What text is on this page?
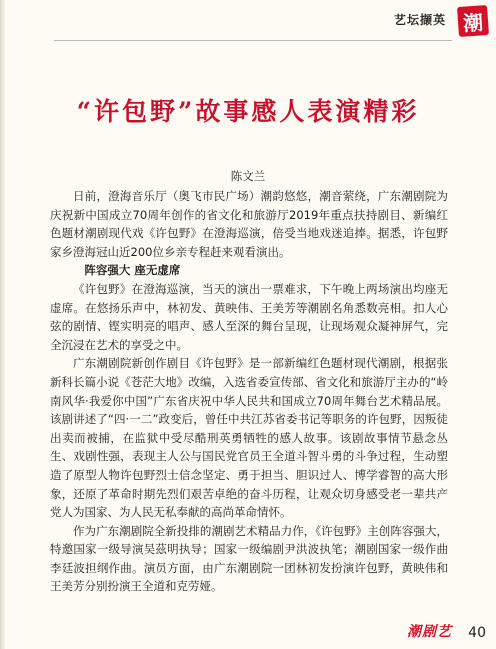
艺坛撷英 潮
“许包野”故事感人表演精彩
陈文兰

日前，澄海音乐厅（奥飞市民广场）潮韵悠悠，潮音萦绕，广东潮剧院为庆祝新中国成立70周年创作的省文化和旅游厅2019年重点扶持剧目、新编红色题材潮剧现代戏《许包野》在澄海巡演，倍受当地戏迷追捧。据悉，许包野家乡澄海冠山近200位乡亲专程赶来观看演出。

阵容强大 座无虚席

《许包野》在澄海巡演，当天的演出一票难求，下午晚上两场演出均座无虚席。在悠扬乐声中，林初发、黄映伟、王美芳等潮剧名角悉数亮相。扣人心弦的剧情、铿实明亮的唱声、感人至深的舞台呈现，让现场观众凝神屏气，完全沉浸在艺术的享受之中。

广东潮剧院新创作剧目《许包野》是一部新编红色题材现代潮剧，根据张新科长篇小说《苍茫大地》改编，入选省委宣传部、省文化和旅游厅主办的“岭南风华·我爱你中国”广东省庆祝中华人民共和国成立70周年舞台艺术精品展。该剧讲述了“四·一二”政变后，曾任中共江苏省委书记等职务的许包野，因叛徒出卖而被捕，在监狱中受尽酷刑英勇牺牲的感人故事。该剧故事情节悬念丛生、戏剧性强，表现主人公与国民党官员王全道斗智斗勇的斗争过程，生动塑造了原型人物许包野烈士信念坚定、勇于担当、胆识过人、博学睿智的高大形象，还原了革命时期先烈们艰苦卓绝的奋斗历程，让观众切身感受老一辈共产党人为国家、为人民无私奉献的高尚革命情怀。

作为广东潮剧院全新投排的潮剧艺术精品力作，《许包野》主创阵容强大，特邀国家一级导演吴茲明执导；国家一级编剧尹洪波执笔；潮剧国家一级作曲李廷波担纲作曲。演员方面，由广东潮剧院一团林初发扮演许包野，黄映伟和王美芳分别扮演王全道和克劳娅。

潮剧艺 40
